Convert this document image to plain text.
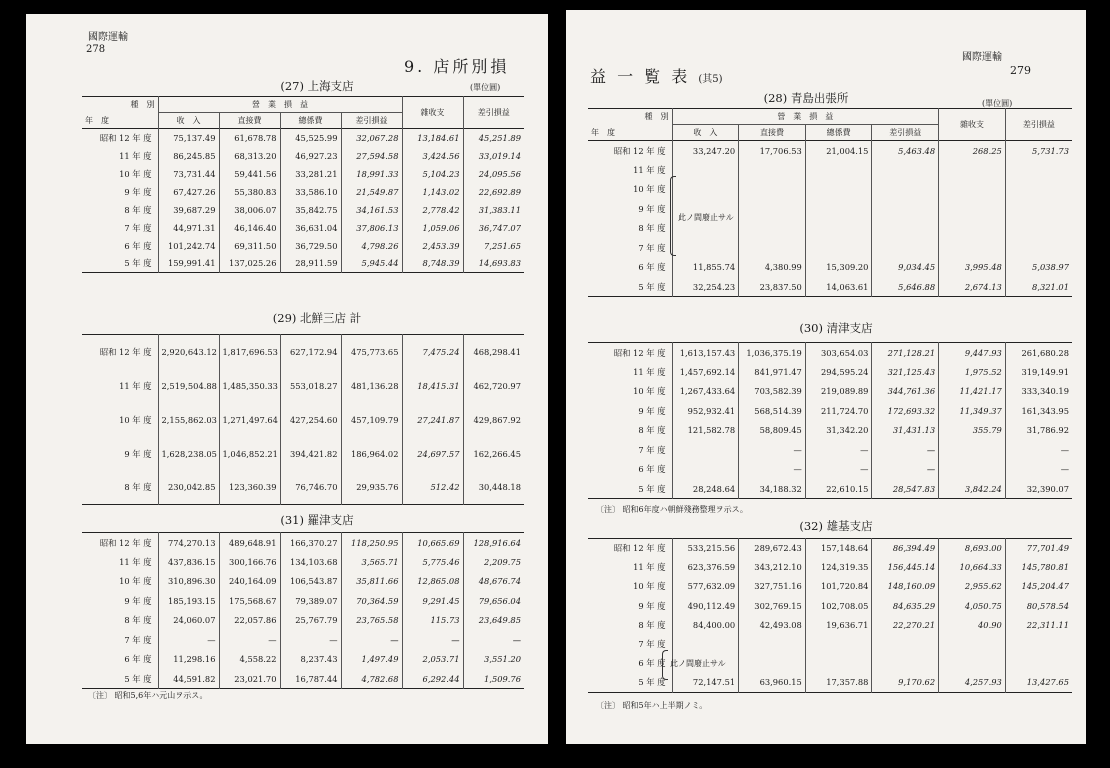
國際運輸
278
9. 店所別損
(27) 上海支店	(單位圓)
種　別	營　業　損　益				雜收支	差引損益
年　度	收　入	直接費	總係費	差引損益		
昭和 12 年 度	75,137.49	61,678.78	45,525.99	32,067.28	13,184.61	45,251.89
11 年 度	86,245.85	68,313.20	46,927.23	27,594.58	3,424.56	33,019.14
10 年 度	73,731.44	59,441.56	33,281.21	18,991.33	5,104.23	24,095.56
9 年 度	67,427.26	55,380.83	33,586.10	21,549.87	1,143.02	22,692.89
8 年 度	39,687.29	38,006.07	35,842.75	34,161.53	2,778.42	31,383.11
7 年 度	44,971.31	46,146.40	36,631.04	37,806.13	1,059.06	36,747.07
6 年 度	101,242.74	69,311.50	36,729.50	4,798.26	2,453.39	7,251.65
5 年 度	159,991.41	137,025.26	28,911.59	5,945.44	8,748.39	14,693.83
(29) 北鮮三店 計
昭和 12 年 度	2,920,643.12	1,817,696.53	627,172.94	475,773.65	7,475.24	468,298.41
11 年 度	2,519,504.88	1,485,350.33	553,018.27	481,136.28	18,415.31	462,720.97
10 年 度	2,155,862.03	1,271,497.64	427,254.60	457,109.79	27,241.87	429,867.92
9 年 度	1,628,238.05	1,046,852.21	394,421.82	186,964.02	24,697.57	162,266.45
8 年 度	230,042.85	123,360.39	76,746.70	29,935.76	512.42	30,448.18
(31) 羅津支店
昭和 12 年 度	774,270.13	489,648.91	166,370.27	118,250.95	10,665.69	128,916.64
11 年 度	437,836.15	300,166.76	134,103.68	3,565.71	5,775.46	2,209.75
10 年 度	310,896.30	240,164.09	106,543.87	35,811.66	12,865.08	48,676.74
9 年 度	185,193.15	175,568.67	79,389.07	70,364.59	9,291.45	79,656.04
8 年 度	24,060.07	22,057.86	25,767.79	23,765.58	115.73	23,649.85
7 年 度	—	—	—	—	—	—
6 年 度	11,298.16	4,558.22	8,237.43	1,497.49	2,053.71	3,551.20
5 年 度	44,591.82	23,021.70	16,787.44	4,782.68	6,292.44	1,509.76
〔注〕 昭和5,6年ハ元山ヲ示ス。
國際運輸
279
益 一 覧 表 (其5)
(28) 青島出張所	(單位圓)
種　別	營　業　損　益				雜收支	差引損益
年　度	收　入	直接費	總係費	差引損益		
昭和 12 年 度	33,247.20	17,706.53	21,004.15	5,463.48	268.25	5,731.73
11 年 度						
10 年 度						
9 年 度						
8 年 度						
7 年 度						
6 年 度	11,855.74	4,380.99	15,309.20	9,034.45	3,995.48	5,038.97
5 年 度	32,254.23	23,837.50	14,063.61	5,646.88	2,674.13	8,321.01
此ノ間廢止サル
(30) 清津支店
昭和 12 年 度	1,613,157.43	1,036,375.19	303,654.03	271,128.21	9,447.93	261,680.28
11 年 度	1,457,692.14	841,971.47	294,595.24	321,125.43	1,975.52	319,149.91
10 年 度	1,267,433.64	703,582.39	219,089.89	344,761.36	11,421.17	333,340.19
9 年 度	952,932.41	568,514.39	211,724.70	172,693.32	11,349.37	161,343.95
8 年 度	121,582.78	58,809.45	31,342.20	31,431.13	355.79	31,786.92
7 年 度		—	—	—		—
6 年 度		—	—	—		—
5 年 度	28,248.64	34,188.32	22,610.15	28,547.83	3,842.24	32,390.07
〔注〕 昭和6年度ハ朝鮮殘務整理ヲ示ス。
(32) 雄基支店
昭和 12 年 度	533,215.56	289,672.43	157,148.64	86,394.49	8,693.00	77,701.49
11 年 度	623,376.59	343,212.10	124,319.35	156,445.14	10,664.33	145,780.81
10 年 度	577,632.09	327,751.16	101,720.84	148,160.09	2,955.62	145,204.47
9 年 度	490,112.49	302,769.15	102,708.05	84,635.29	4,050.75	80,578.54
8 年 度	84,400.00	42,493.08	19,636.71	22,270.21	40.90	22,311.11
7 年 度						
6 年 度						
5 年 度	72,147.51	63,960.15	17,357.88	9,170.62	4,257.93	13,427.65
此ノ間廢止サル
〔注〕 昭和5年ハ上半期ノミ。
